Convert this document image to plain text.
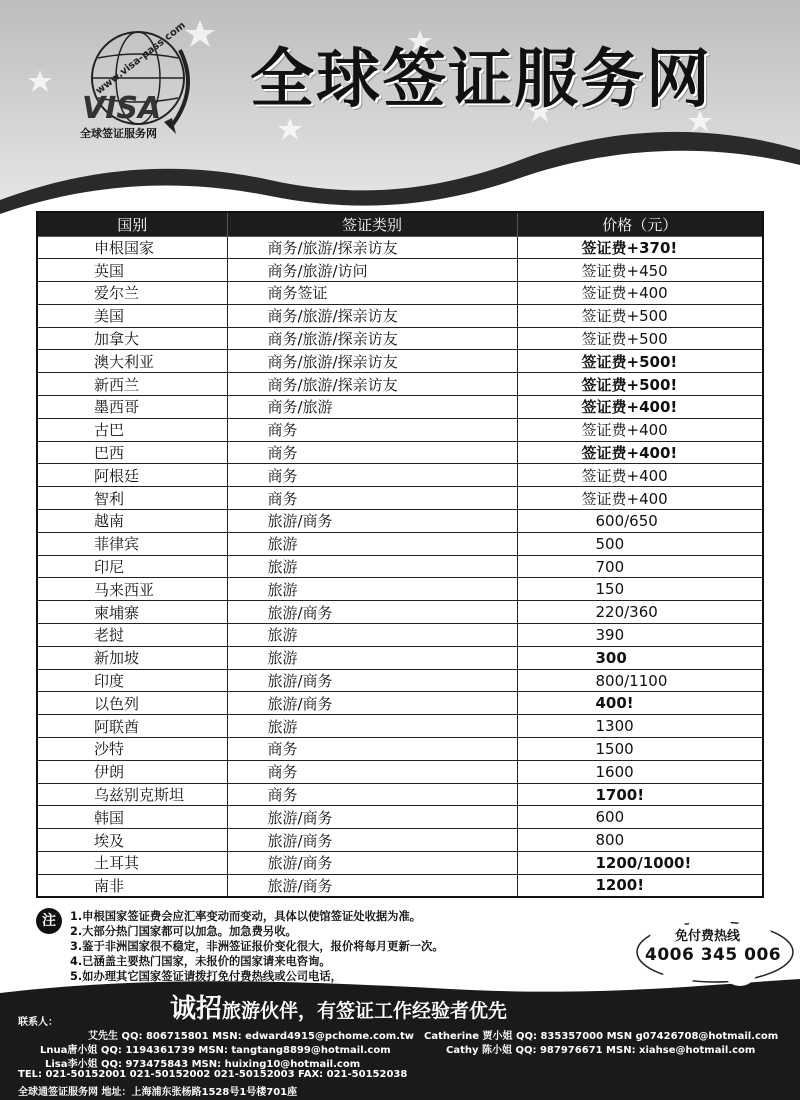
www.visa-pass.com
VISA
全球签证服务网
全球签证服务网
国别	签证类别	价格（元）
申根国家	商务/旅游/探亲访友	签证费+370!
英国	商务/旅游/访问	签证费+450
爱尔兰	商务签证	签证费+400
美国	商务/旅游/探亲访友	签证费+500
加拿大	商务/旅游/探亲访友	签证费+500
澳大利亚	商务/旅游/探亲访友	签证费+500!
新西兰	商务/旅游/探亲访友	签证费+500!
墨西哥	商务/旅游	签证费+400!
古巴	商务	签证费+400
巴西	商务	签证费+400!
阿根廷	商务	签证费+400
智利	商务	签证费+400
越南	旅游/商务	600/650
菲律宾	旅游	500
印尼	旅游	700
马来西亚	旅游	150
柬埔寨	旅游/商务	220/360
老挝	旅游	390
新加坡	旅游	300
印度	旅游/商务	800/1100
以色列	旅游/商务	400!
阿联酋	旅游	1300
沙特	商务	1500
伊朗	商务	1600
乌兹别克斯坦	商务	1700!
韩国	旅游/商务	600
埃及	旅游/商务	800
土耳其	旅游/商务	1200/1000!
南非	旅游/商务	1200!
注	1.申根国家签证费会应汇率变动而变动，具体以使馆签证处收据为准。
2.大部分热门国家都可以加急。加急费另收。
3.鉴于非洲国家很不稳定，非洲签证报价变化很大，报价将每月更新一次。
4.已涵盖主要热门国家，未报价的国家请来电咨询。
5.如办理其它国家签证请拨打免付费热线或公司电话，
免付费热线
4006 345 006
诚招旅游伙伴，有签证工作经验者优先
联系人：
艾先生 QQ: 806715801 MSN: edward4915@pchome.com.tw Catherine 贾小姐 QQ: 835357000 MSN g07426708@hotmail.com
Lnua唐小姐 QQ: 1194361739 MSN: tangtang8899@hotmail.com	Cathy 陈小姐 QQ: 987976671 MSN: xiahse@hotmail.com
Lisa李小姐 QQ: 973475843 MSN: huixing10@hotmail.com
TEL: 021-50152001 021-50152002 021-50152003 FAX: 021-50152038
全球通签证服务网 地址：上海浦东张杨路1528号1号楼701座
